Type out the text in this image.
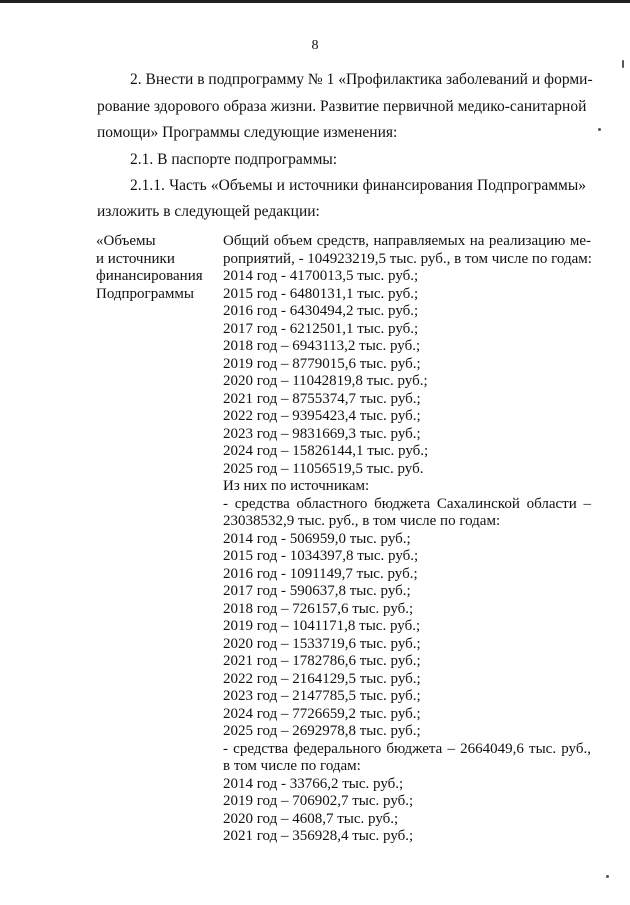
8
2. Внести в подпрограмму № 1 «Профилактика заболеваний и форми-
рование здорового образа жизни. Развитие первичной медико-санитарной
помощи» Программы следующие изменения:
2.1. В паспорте подпрограммы:
2.1.1. Часть «Объемы и источники финансирования Подпрограммы»
изложить в следующей редакции:
«Объемы
и источники
финансирования
Подпрограммы
Общий объем средств, направляемых на реализацию ме-
роприятий, - 104923219,5 тыс. руб., в том числе по годам:
2014 год - 4170013,5 тыс. руб.;
2015 год - 6480131,1 тыс. руб.;
2016 год - 6430494,2 тыс. руб.;
2017 год - 6212501,1 тыс. руб.;
2018 год – 6943113,2 тыс. руб.;
2019 год – 8779015,6 тыс. руб.;
2020 год – 11042819,8 тыс. руб.;
2021 год – 8755374,7 тыс. руб.;
2022 год – 9395423,4 тыс. руб.;
2023 год – 9831669,3 тыс. руб.;
2024 год – 15826144,1 тыс. руб.;
2025 год – 11056519,5 тыс. руб.
Из них по источникам:
- средства областного бюджета Сахалинской области –
23038532,9 тыс. руб., в том числе по годам:
2014 год - 506959,0 тыс. руб.;
2015 год - 1034397,8 тыс. руб.;
2016 год - 1091149,7 тыс. руб.;
2017 год - 590637,8 тыс. руб.;
2018 год – 726157,6 тыс. руб.;
2019 год – 1041171,8 тыс. руб.;
2020 год – 1533719,6 тыс. руб.;
2021 год – 1782786,6 тыс. руб.;
2022 год – 2164129,5 тыс. руб.;
2023 год – 2147785,5 тыс. руб.;
2024 год – 7726659,2 тыс. руб.;
2025 год – 2692978,8 тыс. руб.;
- средства федерального бюджета – 2664049,6 тыс. руб.,
в том числе по годам:
2014 год - 33766,2 тыс. руб.;
2019 год – 706902,7 тыс. руб.;
2020 год – 4608,7 тыс. руб.;
2021 год – 356928,4 тыс. руб.;
